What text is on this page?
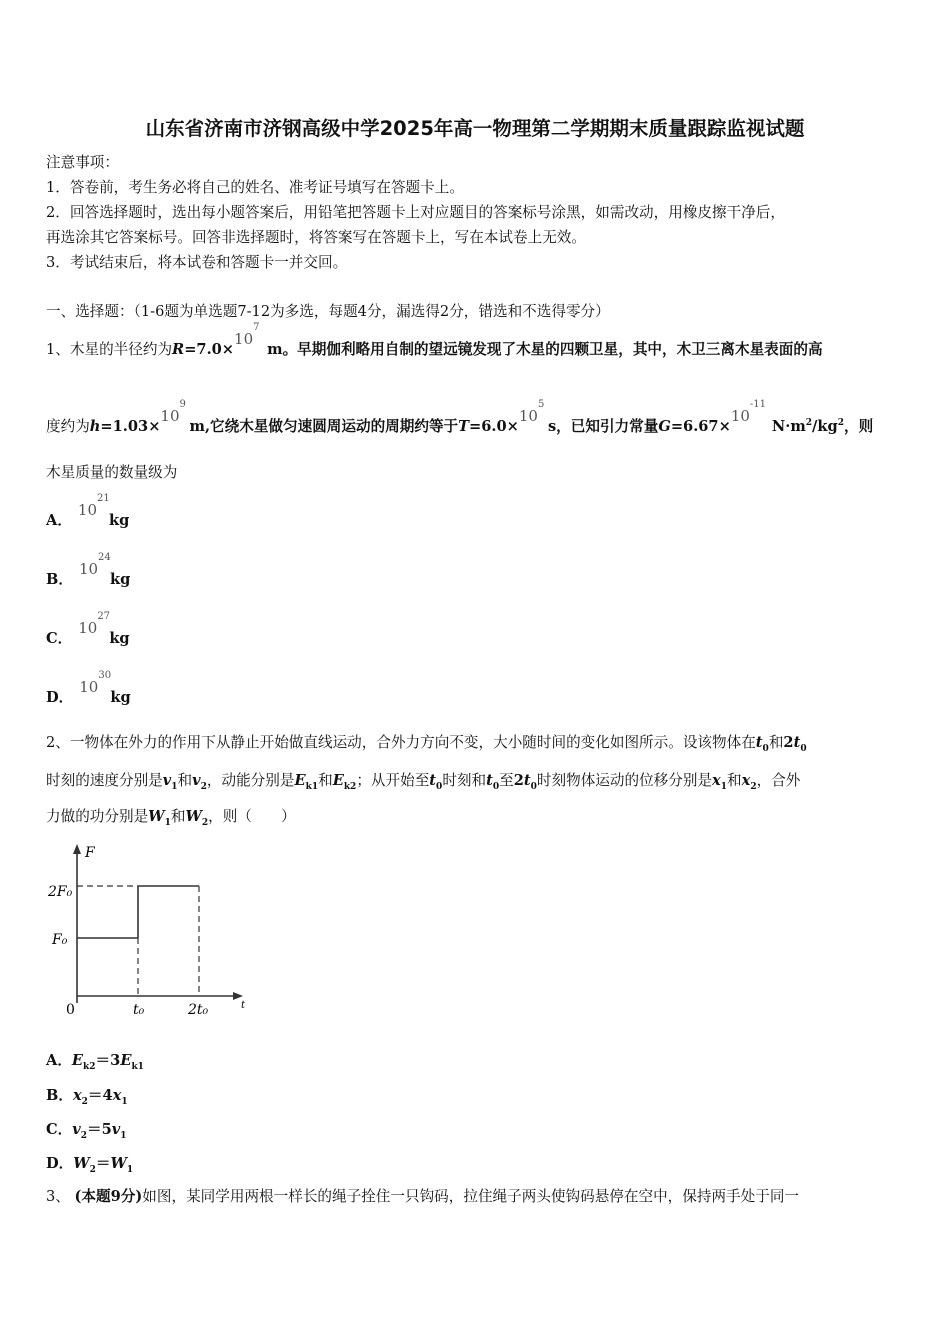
山东省济南市济钢高级中学2025年高一物理第二学期期末质量跟踪监视试题
注意事项：
1．答卷前，考生务必将自己的姓名、准考证号填写在答题卡上。
2．回答选择题时，选出每小题答案后，用铅笔把答题卡上对应题目的答案标号涂黑，如需改动，用橡皮擦干净后，
再选涂其它答案标号。回答非选择题时，将答案写在答题卡上，写在本试卷上无效。
3．考试结束后，将本试卷和答题卡一并交回。
一、选择题：（1-6题为单选题7-12为多选，每题4分，漏选得2分，错选和不选得零分）
1、木星的半径约为R=7.0×10
7
m。早期伽利略用自制的望远镜发现了木星的四颗卫星，其中，木卫三离木星表面的高
度约为h=1.03×10
9
m,它绕木星做匀速圆周运动的周期约等于T=6.0×10
5
s，已知引力常量G=6.67×10
-11
$N\cdot m^2/kg^2$，则
木星质量的数量级为
A．10
21
kg
B．10
24
kg
C．10
27
kg
D．10
30
kg
2、一物体在外力的作用下从静止开始做直线运动，合外力方向不变，大小随时间的变化如图所示。设该物体在$t_0$和$2t_0$
时刻的速度分别是$v_1$和$v_2$，动能分别是$E_{k1}$和$E_{k2}$；从开始至$t_0$时刻和$t_0$至$2t_0$时刻物体运动的位移分别是$x_1$和$x_2$，合外
力做的功分别是$W_1$和$W_2$，则（　　）
F
t
0
2F₀
F₀
t₀	2t₀
A．$E_{k2}=3E_{k1}$
B．$x_2=4x_1$
C．$v_2=5v_1$
D．$W_2=W_1$
3、 (本题9分)如图，某同学用两根一样长的绳子拴住一只钩码，拉住绳子两头使钩码悬停在空中，保持两手处于同一
